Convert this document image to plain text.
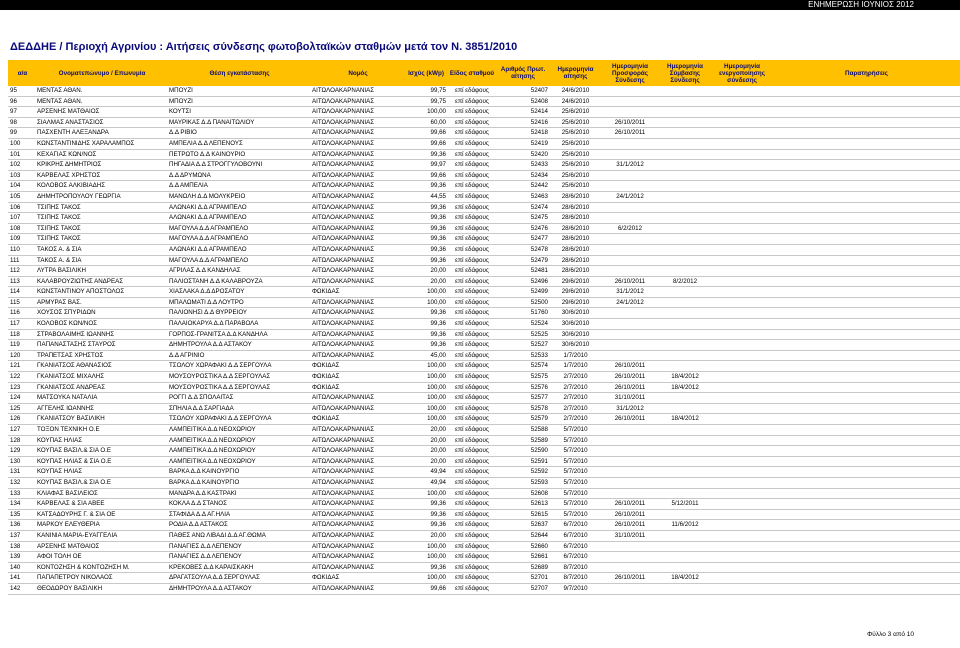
ΕΝΗΜΕΡΩΣΗ ΙΟΥΝΙΟΣ 2012
ΔΕΔΔΗΕ / Περιοχή Αγρινίου : Αιτήσεις σύνδεσης φωτοβολταϊκών σταθμών μετά τον N. 3851/2010
α/α	Ονοματεπώνυμο / Επωνυμία	Θέση εγκατάστασης	Νομός	Ισχύς (kWp)	Είδος σταθμού	Αριθμός Πρωτ. αίτησης	Ημερομηνία αίτησης	Ημερομηνία Προσφοράς Σύνδεσης	Ημερομηνία Σύμβασης Σύνδεσης	Ημερομηνία ενεργοποίησης σύνδεσης	Παρατηρήσεις
95	ΜΕΝΤΑΣ ΑΘΑΝ.	ΜΠΟΥΖΙ	ΑΙΤΩΛΟΑΚΑΡΝΑΝΙΑΣ	99,75	επί εδάφους	52407	24/6/2010				
96	ΜΕΝΤΑΣ ΑΘΑΝ.	ΜΠΟΥΖΙ	ΑΙΤΩΛΟΑΚΑΡΝΑΝΙΑΣ	99,75	επί εδάφους	52408	24/6/2010				
97	ΑΡΣΕΝΗΣ ΜΑΤΘΑΙΟΣ	ΚΟΥΤΣΙ	ΑΙΤΩΛΟΑΚΑΡΝΑΝΙΑΣ	100,00	επί εδάφους	52414	25/6/2010				
98	ΣΙΑΛΜΑΣ ΑΝΑΣΤΑΣΙΟΣ	ΜΑΥΡΙΚΑΣ Δ.Δ ΠΑΝΑΙΤΩΛΙΟΥ	ΑΙΤΩΛΟΑΚΑΡΝΑΝΙΑΣ	60,00	επί εδάφους	52416	25/6/2010	26/10/2011			
99	ΠΑΣΧΕΝΤΗ ΑΛΕΞΑΝΔΡΑ	Δ.Δ ΡΙΒΙΟ	ΑΙΤΩΛΟΑΚΑΡΝΑΝΙΑΣ	99,66	επί εδάφους	52418	25/6/2010	26/10/2011			
100	ΚΩΝΣΤΑΝΤΙΝΙΔΗΣ ΧΑΡΑΛΑΜΠΟΣ	ΑΜΠΕΛΙΑ Δ.Δ ΛΕΠΕΝΟΥΣ	ΑΙΤΩΛΟΑΚΑΡΝΑΝΙΑΣ	99,66	επί εδάφους	52419	25/6/2010				
101	ΚΕΧΑΓΙΑΣ ΚΩΝ/ΝΟΣ	ΠΕΤΡΩΤΟ Δ.Δ ΚΑΙΝΟΥΡΙΟ	ΑΙΤΩΛΟΑΚΑΡΝΑΝΙΑΣ	99,36	επί εδάφους	52420	25/6/2010				
102	ΚΡΙΚΡΗΣ ΔΗΜΗΤΡΙΟΣ	ΠΗΓΑΔΙΑ Δ.Δ ΣΤΡΟΓΓΥΛΟΒΟΥΝΙ	ΑΙΤΩΛΟΑΚΑΡΝΑΝΙΑΣ	99,97	επί εδάφους	52433	25/6/2010	31/1/2012			
103	ΚΑΡΒΕΛΑΣ ΧΡΗΣΤΟΣ	Δ.Δ ΔΡΥΜΩΝΑ	ΑΙΤΩΛΟΑΚΑΡΝΑΝΙΑΣ	99,66	επί εδάφους	52434	25/6/2010				
104	ΚΟΛΟΒΟΣ ΑΛΚΙΒΙΑΔΗΣ	Δ.Δ ΑΜΠΕΛΙΑ	ΑΙΤΩΛΟΑΚΑΡΝΑΝΙΑΣ	99,36	επί εδάφους	52442	25/6/2010				
105	ΔΗΜΗΤΡΟΠΟΥΛΟΥ ΓΕΩΡΓΙΑ	ΜΑΝΩΛΗ Δ.Δ ΜΟΛΥΚΡΕΙΟ	ΑΙΤΩΛΟΑΚΑΡΝΑΝΙΑΣ	44,55	επί εδάφους	52463	28/6/2010	24/1/2012			
106	ΤΣΙΠΗΣ ΤΑΚΟΣ	ΑΛΩΝΑΚΙ Δ.Δ ΑΓΡΑΜΠΕΛΟ	ΑΙΤΩΛΟΑΚΑΡΝΑΝΙΑΣ	99,36	επί εδάφους	52474	28/6/2010				
107	ΤΣΙΠΗΣ ΤΑΚΟΣ	ΑΛΩΝΑΚΙ Δ.Δ ΑΓΡΑΜΠΕΛΟ	ΑΙΤΩΛΟΑΚΑΡΝΑΝΙΑΣ	99,36	επί εδάφους	52475	28/6/2010				
108	ΤΣΙΠΗΣ ΤΑΚΟΣ	ΜΑΓΟΥΛΑ Δ.Δ ΑΓΡΑΜΠΕΛΟ	ΑΙΤΩΛΟΑΚΑΡΝΑΝΙΑΣ	99,36	επί εδάφους	52476	28/6/2010	6/2/2012			
109	ΤΣΙΠΗΣ ΤΑΚΟΣ	ΜΑΓΟΥΛΑ Δ.Δ ΑΓΡΑΜΠΕΛΟ	ΑΙΤΩΛΟΑΚΑΡΝΑΝΙΑΣ	99,36	επί εδάφους	52477	28/6/2010				
110	ΤΑΚΟΣ Α. & ΣΙΑ	ΑΛΩΝΑΚΙ Δ.Δ ΑΓΡΑΜΠΕΛΟ	ΑΙΤΩΛΟΑΚΑΡΝΑΝΙΑΣ	99,36	επί εδάφους	52478	28/6/2010				
111	ΤΑΚΟΣ Α. & ΣΙΑ	ΜΑΓΟΥΛΑ Δ.Δ ΑΓΡΑΜΠΕΛΟ	ΑΙΤΩΛΟΑΚΑΡΝΑΝΙΑΣ	99,36	επί εδάφους	52479	28/6/2010				
112	ΛΥΤΡΑ ΒΑΣΙΛΙΚΗ	ΑΓΡΙΛΑΣ Δ.Δ ΚΑΝΔΗΛΑΣ	ΑΙΤΩΛΟΑΚΑΡΝΑΝΙΑΣ	20,00	επί εδάφους	52481	28/6/2010				
113	ΚΑΛΑΒΡΟΥΖΙΩΤΗΣ ΑΝΔΡΕΑΣ	ΠΑΛΙΟΣΤΑΝΗ Δ.Δ ΚΑΛΑΒΡΟΥΖΑ	ΑΙΤΩΛΟΑΚΑΡΝΑΝΙΑΣ	20,00	επί εδάφους	52496	29/6/2010	26/10/2011	8/2/2012		
114	ΚΩΝΣΤΑΝΤΙΝΟΥ ΑΠΟΣΤΟΛΟΣ	ΧΙΑΣΛΑΚΑ Δ.Δ ΔΡΟΣΑΤΟΥ	ΦΩΚΙΔΑΣ	100,00	επί εδάφους	52499	29/6/2010	31/1/2012			
115	ΑΡΜΥΡΑΣ ΒΑΣ.	ΜΠΑΛΩΜΑΤΙ Δ.Δ ΛΟΥΤΡΟ	ΑΙΤΩΛΟΑΚΑΡΝΑΝΙΑΣ	100,00	επί εδάφους	52500	29/6/2010	24/1/2012			
116	ΧΟΥΣΟΣ ΣΠΥΡΙΔΩΝ	ΠΑΛΙΟΝΗΣΙ Δ.Δ ΘΥΡΡΕΙΟΥ	ΑΙΤΩΛΟΑΚΑΡΝΑΝΙΑΣ	99,36	επί εδάφους	51760	30/6/2010				
117	ΚΟΛΟΒΟΣ ΚΩΝ/ΝΟΣ	ΠΑΛΑΙΟΚΑΡΥΑ Δ.Δ ΠΑΡΑΒΟΛΑ	ΑΙΤΩΛΟΑΚΑΡΝΑΝΙΑΣ	99,36	επί εδάφους	52524	30/6/2010				
118	ΣΤΡΑΒΟΛΑΙΜΗΣ ΙΩΑΝΝΗΣ	ΓΟΡΠΟΣ-ΓΡΑΝΙΤΣΑ Δ.Δ ΚΑΝΔΗΛΑ	ΑΙΤΩΛΟΑΚΑΡΝΑΝΙΑΣ	99,36	επί εδάφους	52525	30/6/2010				
119	ΠΑΠΑΝΑΣΤΑΣΗΣ ΣΤΑΥΡΟΣ	ΔΗΜΗΤΡΟΥΛΑ Δ.Δ ΑΣΤΑΚΟΥ	ΑΙΤΩΛΟΑΚΑΡΝΑΝΙΑΣ	99,36	επί εδάφους	52527	30/6/2010				
120	ΤΡΑΠΕΤΣΑΣ ΧΡΗΣΤΟΣ	Δ.Δ ΑΓΡΙΝΙΟ	ΑΙΤΩΛΟΑΚΑΡΝΑΝΙΑΣ	45,00	επί εδάφους	52533	1/7/2010				
121	ΓΚΑΝΙΑΤΣΟΣ ΑΘΑΝΑΣΙΟΣ	ΤΣΟΛΟΥ ΧΩΡΑΦΑΚΙ Δ.Δ ΣΕΡΓΟΥΛΑ	ΦΩΚΙΔΑΣ	100,00	επί εδάφους	52574	1/7/2010	26/10/2011			
122	ΓΚΑΝΙΑΤΣΟΣ ΜΙΧΑΛΗΣ	ΜΟΥΣΟΥΡΟΣΤΙΚΑ Δ.Δ ΣΕΡΓΟΥΛΑΣ	ΦΩΚΙΔΑΣ	100,00	επί εδάφους	52575	2/7/2010	26/10/2011	18/4/2012		
123	ΓΚΑΝΙΑΤΣΟΣ ΑΝΔΡΕΑΣ	ΜΟΥΣΟΥΡΟΣΤΙΚΑ Δ.Δ ΣΕΡΓΟΥΛΑΣ	ΦΩΚΙΔΑΣ	100,00	επί εδάφους	52576	2/7/2010	26/10/2011	18/4/2012		
124	ΜΑΤΣΟΥΚΑ ΝΑΤΑΛΙΑ	ΡΟΓΓΙ Δ.Δ ΣΠΟΛΑΙΤΑΣ	ΑΙΤΩΛΟΑΚΑΡΝΑΝΙΑΣ	100,00	επί εδάφους	52577	2/7/2010	31/10/2011			
125	ΑΓΓΕΛΗΣ ΙΩΑΝΝΗΣ	ΣΠΗΛΙΑ Δ.Δ ΣΑΡΓΙΑΔΑ	ΑΙΤΩΛΟΑΚΑΡΝΑΝΙΑΣ	100,00	επί εδάφους	52578	2/7/2010	31/1/2012			
126	ΓΚΑΝΙΑΤΣΟΥ ΒΑΣΙΛΙΚΗ	ΤΣΟΛΟΥ ΧΩΡΑΦΑΚΙ Δ.Δ ΣΕΡΓΟΥΛΑ	ΦΩΚΙΔΑΣ	100,00	επί εδάφους	52579	2/7/2010	26/10/2011	18/4/2012		
127	ΤΟΞΟΝ ΤΕΧΝΙΚΗ Ο.Ε	ΛΑΜΠΕΙΤΙΚΑ Δ.Δ ΝΕΟΧΩΡΙΟΥ	ΑΙΤΩΛΟΑΚΑΡΝΑΝΙΑΣ	20,00	επί εδάφους	52588	5/7/2010				
128	ΚΟΥΠΑΣ ΗΛΙΑΣ	ΛΑΜΠΕΙΤΙΚΑ Δ.Δ ΝΕΟΧΩΡΙΟΥ	ΑΙΤΩΛΟΑΚΑΡΝΑΝΙΑΣ	20,00	επί εδάφους	52589	5/7/2010				
129	ΚΟΥΠΑΣ ΒΑΣΙΛ.& ΣΙΑ Ο.Ε	ΛΑΜΠΕΙΤΙΚΑ Δ.Δ ΝΕΟΧΩΡΙΟΥ	ΑΙΤΩΛΟΑΚΑΡΝΑΝΙΑΣ	20,00	επί εδάφους	52590	5/7/2010				
130	ΚΟΥΠΑΣ ΗΛΙΑΣ & ΣΙΑ Ο.Ε	ΛΑΜΠΕΙΤΙΚΑ Δ.Δ ΝΕΟΧΩΡΙΟΥ	ΑΙΤΩΛΟΑΚΑΡΝΑΝΙΑΣ	20,00	επί εδάφους	52591	5/7/2010				
131	ΚΟΥΠΑΣ ΗΛΙΑΣ	ΒΑΡΚΑ Δ.Δ ΚΑΙΝΟΥΡΓΙΟ	ΑΙΤΩΛΟΑΚΑΡΝΑΝΙΑΣ	49,94	επί εδάφους	52592	5/7/2010				
132	ΚΟΥΠΑΣ ΒΑΣΙΛ.& ΣΙΑ Ο.Ε	ΒΑΡΚΑ Δ.Δ ΚΑΙΝΟΥΡΓΙΟ	ΑΙΤΩΛΟΑΚΑΡΝΑΝΙΑΣ	49,94	επί εδάφους	52593	5/7/2010				
133	ΚΛΙΑΦΑΣ ΒΑΣΙΛΕΙΟΣ	ΜΑΝΔΡΑ Δ.Δ ΚΑΣΤΡΑΚΙ	ΑΙΤΩΛΟΑΚΑΡΝΑΝΙΑΣ	100,00	επί εδάφους	52608	5/7/2010				
134	ΚΑΡΒΕΛΑΣ & ΣΙΑ ΑΒΕΕ	ΚΟΚΛΑ Δ.Δ ΣΤΑΝΟΣ	ΑΙΤΩΛΟΑΚΑΡΝΑΝΙΑΣ	99,36	επί εδάφους	52613	5/7/2010	26/10/2011	5/12/2011		
135	ΚΑΤΣΑΔΟΥΡΗΣ Γ. & ΣΙΑ ΟΕ	ΣΤΑΦΙΔΑ Δ.Δ ΑΓ.ΗΛΙΑ	ΑΙΤΩΛΟΑΚΑΡΝΑΝΙΑΣ	99,36	επί εδάφους	52615	5/7/2010	26/10/2011			
136	ΜΑΡΚΟΥ ΕΛΕΥΘΕΡΙΑ	ΡΟΔΙΑ Δ.Δ ΑΣΤΑΚΟΣ	ΑΙΤΩΛΟΑΚΑΡΝΑΝΙΑΣ	99,36	επί εδάφους	52637	6/7/2010	26/10/2011	11/6/2012		
137	ΚΑΝΙΝΙΑ ΜΑΡΙΑ-ΕΥΑΓΓΕΛΙΑ	ΠΑΘΕΣ ΑΝΩ ΛΙΒΑΔΙ Δ.Δ ΑΓ.ΘΩΜΑ	ΑΙΤΩΛΟΑΚΑΡΝΑΝΙΑΣ	20,00	επί εδάφους	52644	6/7/2010	31/10/2011			
138	ΑΡΣΕΝΗΣ ΜΑΤΘΑΙΟΣ	ΠΑΝΑΓΙΕΣ Δ.Δ ΛΕΠΕΝΟΥ	ΑΙΤΩΛΟΑΚΑΡΝΑΝΙΑΣ	100,00	επί εδάφους	52660	6/7/2010				
139	ΑΦΟΙ ΤΟΛΗ ΟΕ	ΠΑΝΑΓΙΕΣ Δ.Δ ΛΕΠΕΝΟΥ	ΑΙΤΩΛΟΑΚΑΡΝΑΝΙΑΣ	100,00	επί εδάφους	52661	6/7/2010				
140	ΚΟΝΤΟΖΗΣΗ & ΚΟΝΤΟΖΗΣΗ Μ.	ΚΡΕΚΟΒΕΣ Δ.Δ ΚΑΡΑΙΣΚΑΚΗ	ΑΙΤΩΛΟΑΚΑΡΝΑΝΙΑΣ	99,36	επί εδάφους	52689	8/7/2010				
141	ΠΑΠΑΠΕΤΡΟΥ ΝΙΚΟΛΑΟΣ	ΔΡΑΓΑΤΣΟΥΛΑ Δ.Δ ΣΕΡΓΟΥΛΑΣ	ΦΩΚΙΔΑΣ	100,00	επί εδάφους	52701	8/7/2010	26/10/2011	18/4/2012		
142	ΘΕΟΔΩΡΟΥ ΒΑΣΙΛΙΚΗ	ΔΗΜΗΤΡΟΥΛΑ Δ.Δ ΑΣΤΑΚΟΥ	ΑΙΤΩΛΟΑΚΑΡΝΑΝΙΑΣ	99,66	επί εδάφους	52707	9/7/2010				
Φύλλο 3 από 10
